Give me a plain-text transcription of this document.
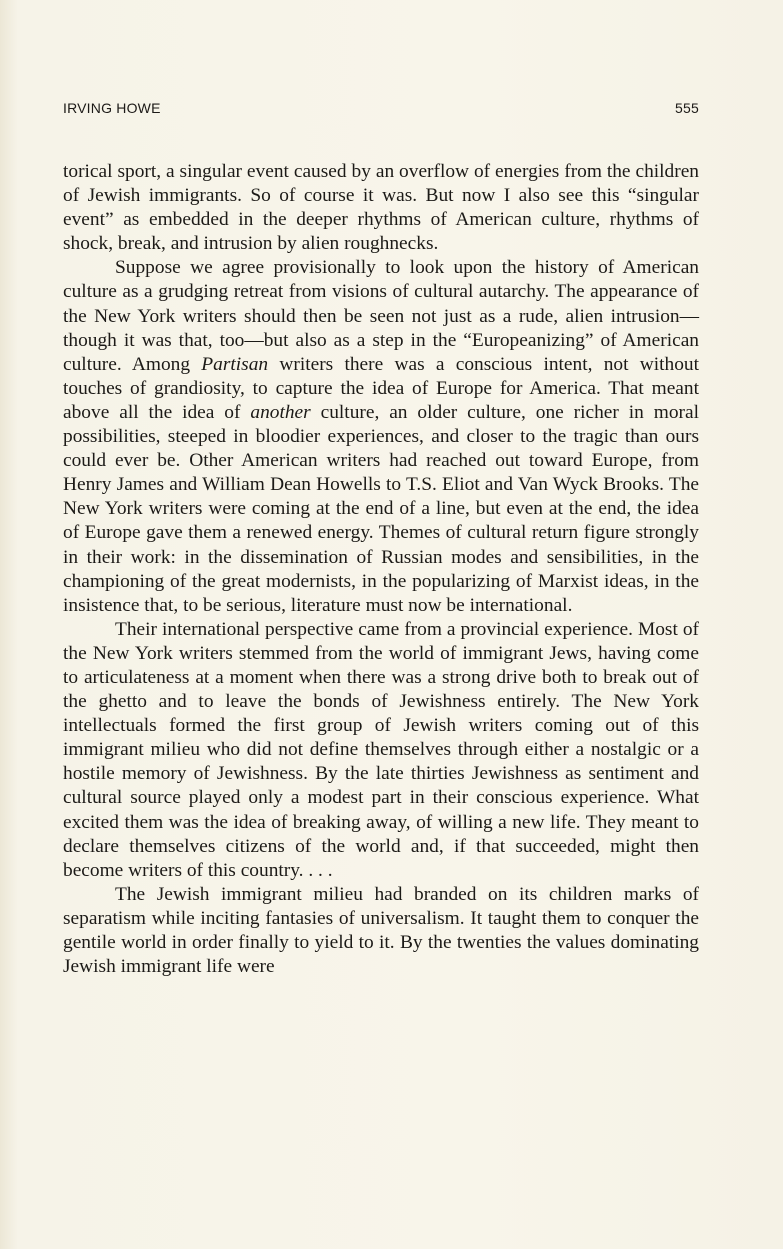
IRVING HOWE	555

torical sport, a singular event caused by an overflow of energies from the children of Jewish immigrants. So of course it was. But now I also see this “singular event” as embedded in the deeper rhythms of American culture, rhythms of shock, break, and intrusion by alien roughnecks.

Suppose we agree provisionally to look upon the history of American culture as a grudging retreat from visions of cultural autarchy. The appearance of the New York writers should then be seen not just as a rude, alien intrusion—though it was that, too—but also as a step in the “Europeanizing” of American culture. Among Partisan writers there was a conscious intent, not without touches of grandiosity, to capture the idea of Europe for America. That meant above all the idea of another culture, an older culture, one richer in moral possibilities, steeped in bloodier experiences, and closer to the tragic than ours could ever be. Other American writers had reached out toward Europe, from Henry James and William Dean Howells to T.S. Eliot and Van Wyck Brooks. The New York writers were coming at the end of a line, but even at the end, the idea of Europe gave them a renewed energy. Themes of cultural return figure strongly in their work: in the dissemination of Russian modes and sensibilities, in the championing of the great modernists, in the popularizing of Marxist ideas, in the insistence that, to be serious, literature must now be international.

Their international perspective came from a provincial experience. Most of the New York writers stemmed from the world of immigrant Jews, having come to articulateness at a moment when there was a strong drive both to break out of the ghetto and to leave the bonds of Jewishness entirely. The New York intellectuals formed the first group of Jewish writers coming out of this immigrant milieu who did not define themselves through either a nostalgic or a hostile memory of Jewishness. By the late thirties Jewishness as sentiment and cultural source played only a modest part in their conscious experience. What excited them was the idea of breaking away, of willing a new life. They meant to declare themselves citizens of the world and, if that succeeded, might then become writers of this country. . . .

The Jewish immigrant milieu had branded on its children marks of separatism while inciting fantasies of universalism. It taught them to conquer the gentile world in order finally to yield to it. By the twenties the values dominating Jewish immigrant life were
